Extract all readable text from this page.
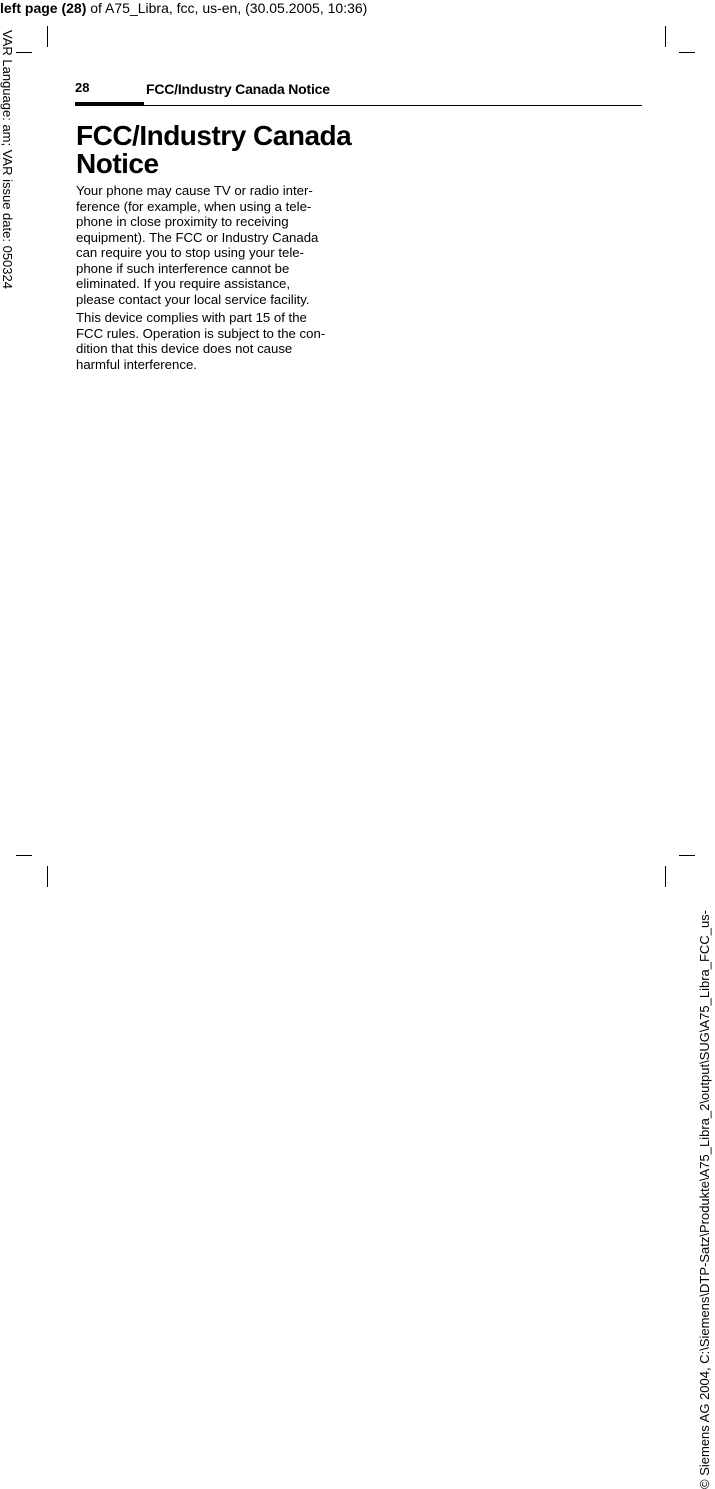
left page (28) of A75_Libra, fcc, us-en, (30.05.2005, 10:36)
VAR Language: am; VAR issue date: 050324
© Siemens AG 2004, C:\Siemens\DTP-Satz\Produkte\A75_Libra_2\output\SUG\A75_Libra_FCC_us-
28	FCC/Industry Canada Notice
FCC/Industry Canada
Notice

Your phone may cause TV or radio inter-
ference (for example, when using a tele-
phone in close proximity to receiving
equipment). The FCC or Industry Canada
can require you to stop using your tele-
phone if such interference cannot be
eliminated. If you require assistance,
please contact your local service facility.

This device complies with part 15 of the
FCC rules. Operation is subject to the con-
dition that this device does not cause
harmful interference.
